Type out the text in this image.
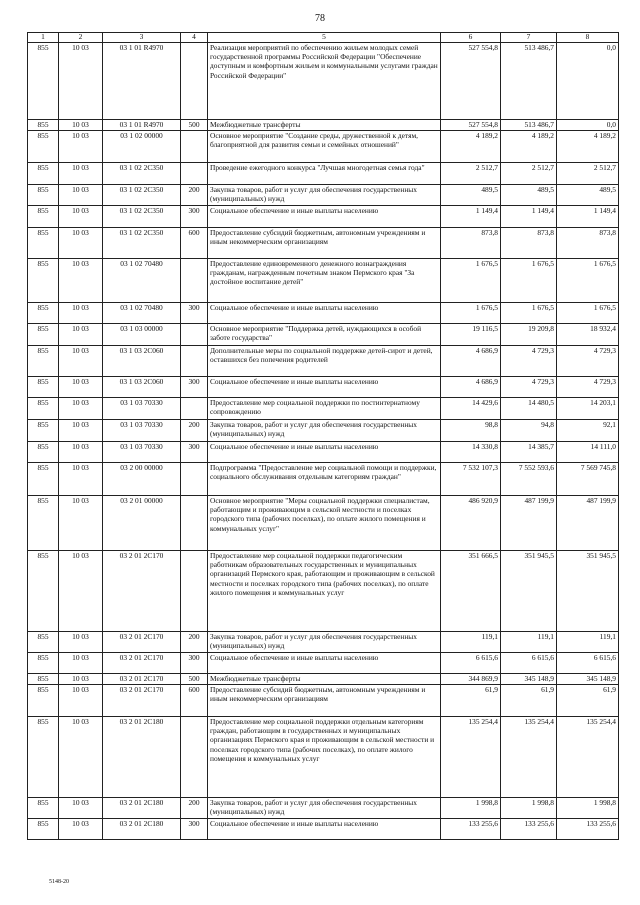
78
1	2	3	4	5	6	7	8
855	10 03	03 1 01 R4970		Реализация мероприятий по обеспечению жильем молодых семей государственной программы Российской Федерации "Обеспечение доступным и комфортным жильем и коммунальными услугами граждан Российской Федерации"	527 554,8	513 486,7	0,0
855	10 03	03 1 01 R4970	500	Межбюджетные трансферты	527 554,8	513 486,7	0,0
855	10 03	03 1 02 00000		Основное мероприятие "Создание среды, дружественной к детям, благоприятной для развития семьи и семейных отношений"	4 189,2	4 189,2	4 189,2
855	10 03	03 1 02 2C350		Проведение ежегодного конкурса "Лучшая многодетная семья года"	2 512,7	2 512,7	2 512,7
855	10 03	03 1 02 2C350	200	Закупка товаров, работ и услуг для обеспечения государственных (муниципальных) нужд	489,5	489,5	489,5
855	10 03	03 1 02 2C350	300	Социальное обеспечение и иные выплаты населению	1 149,4	1 149,4	1 149,4
855	10 03	03 1 02 2C350	600	Предоставление субсидий бюджетным, автономным учреждениям и иным некоммерческим организациям	873,8	873,8	873,8
855	10 03	03 1 02 70480		Предоставление единовременного денежного вознаграждения гражданам, награжденным почетным знаком Пермского края "За достойное воспитание детей"	1 676,5	1 676,5	1 676,5
855	10 03	03 1 02 70480	300	Социальное обеспечение и иные выплаты населению	1 676,5	1 676,5	1 676,5
855	10 03	03 1 03 00000		Основное мероприятие "Поддержка детей, нуждающихся в особой заботе государства"	19 116,5	19 209,8	18 932,4
855	10 03	03 1 03 2C060		Дополнительные меры по социальной поддержке детей-сирот и детей, оставшихся без попечения родителей	4 686,9	4 729,3	4 729,3
855	10 03	03 1 03 2C060	300	Социальное обеспечение и иные выплаты населению	4 686,9	4 729,3	4 729,3
855	10 03	03 1 03 70330		Предоставление мер социальной поддержки по постинтернатному сопровождению	14 429,6	14 480,5	14 203,1
855	10 03	03 1 03 70330	200	Закупка товаров, работ и услуг для обеспечения государственных (муниципальных) нужд	98,8	94,8	92,1
855	10 03	03 1 03 70330	300	Социальное обеспечение и иные выплаты населению	14 330,8	14 385,7	14 111,0
855	10 03	03 2 00 00000		Подпрограмма "Предоставление мер социальной помощи и поддержки, социального обслуживания отдельным категориям граждан"	7 532 107,3	7 552 593,6	7 569 745,8
855	10 03	03 2 01 00000		Основное мероприятие "Меры социальной поддержки специалистам, работающим и проживающим в сельской местности и поселках городского типа (рабочих поселках), по оплате жилого помещения и коммунальных услуг"	486 920,9	487 199,9	487 199,9
855	10 03	03 2 01 2C170		Предоставление мер социальной поддержки педагогическим работникам образовательных государственных и муниципальных организаций Пермского края, работающим и проживающим в сельской местности и поселках городского типа (рабочих поселках), по оплате жилого помещения и коммунальных услуг	351 666,5	351 945,5	351 945,5
855	10 03	03 2 01 2C170	200	Закупка товаров, работ и услуг для обеспечения государственных (муниципальных) нужд	119,1	119,1	119,1
855	10 03	03 2 01 2C170	300	Социальное обеспечение и иные выплаты населению	6 615,6	6 615,6	6 615,6
855	10 03	03 2 01 2C170	500	Межбюджетные трансферты	344 869,9	345 148,9	345 148,9
855	10 03	03 2 01 2C170	600	Предоставление субсидий бюджетным, автономным учреждениям и иным некоммерческим организациям	61,9	61,9	61,9
855	10 03	03 2 01 2C180		Предоставление мер социальной поддержки отдельным категориям граждан, работающим в государственных и муниципальных организациях Пермского края и проживающим в сельской местности и поселках городского типа (рабочих поселках), по оплате жилого помещения и коммунальных услуг	135 254,4	135 254,4	135 254,4
855	10 03	03 2 01 2C180	200	Закупка товаров, работ и услуг для обеспечения государственных (муниципальных) нужд	1 998,8	1 998,8	1 998,8
855	10 03	03 2 01 2C180	300	Социальное обеспечение и иные выплаты населению	133 255,6	133 255,6	133 255,6
5148-20
